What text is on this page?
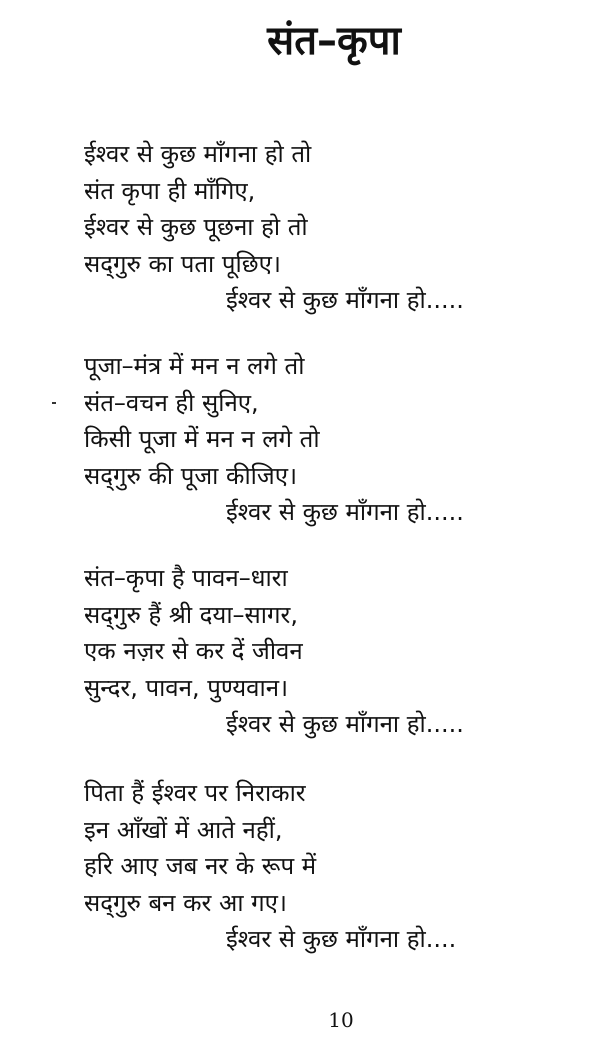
संत–कृपा
ईश्वर से कुछ माँगना हो तो
संत कृपा ही माँगिए,
ईश्वर से कुछ पूछना हो तो
सद्‌गुरु का पता पूछिए।
ईश्वर से कुछ माँगना हो.....
पूजा–मंत्र में मन न लगे तो
संत–वचन ही सुनिए,
किसी पूजा में मन न लगे तो
सद्‌गुरु की पूजा कीजिए।
ईश्वर से कुछ माँगना हो.....
संत–कृपा है पावन–धारा
सद्‌गुरु हैं श्री दया–सागर,
एक नज़र से कर दें जीवन
सुन्दर, पावन, पुण्यवान।
ईश्वर से कुछ माँगना हो.....
पिता हैं ईश्वर पर निराकार
इन आँखों में आते नहीं,
हरि आए जब नर के रूप में
सद्‌गुरु बन कर आ गए।
ईश्वर से कुछ माँगना हो....
10
